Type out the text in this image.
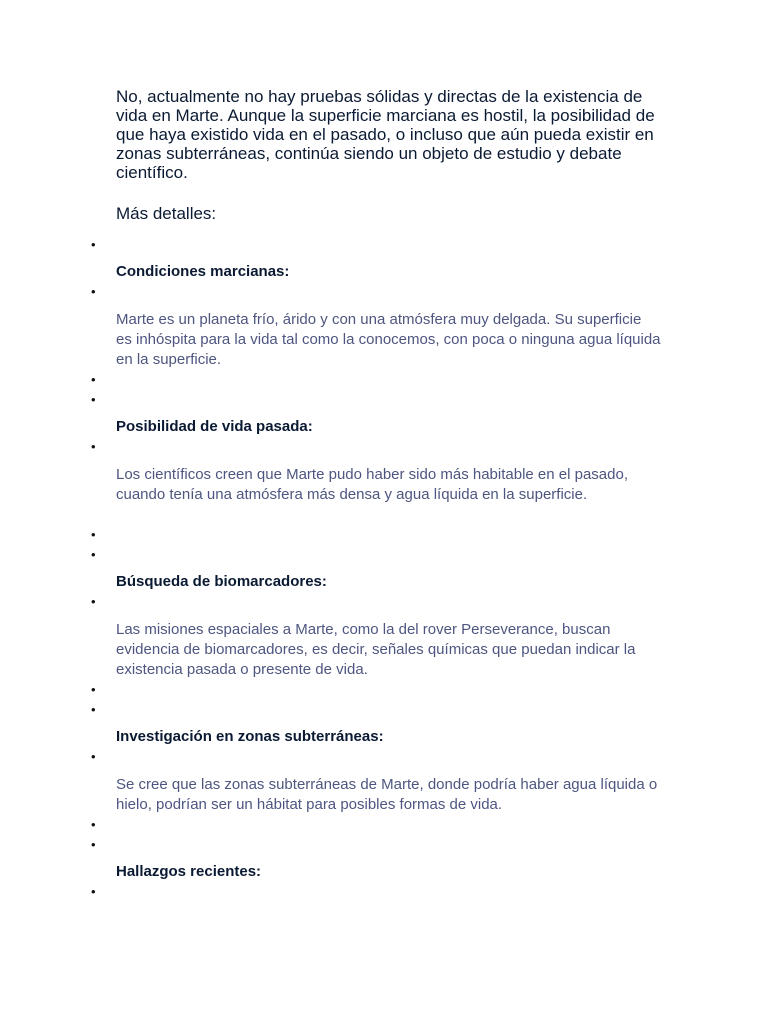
No, actualmente no hay pruebas sólidas y directas de la existencia de vida en Marte. Aunque la superficie marciana es hostil, la posibilidad de que haya existido vida en el pasado, o incluso que aún pueda existir en zonas subterráneas, continúa siendo un objeto de estudio y debate científico.

Más detalles:

•

Condiciones marcianas:

•

Marte es un planeta frío, árido y con una atmósfera muy delgada. Su superficie es inhóspita para la vida tal como la conocemos, con poca o ninguna agua líquida en la superficie.

•
•

Posibilidad de vida pasada:

•

Los científicos creen que Marte pudo haber sido más habitable en el pasado, cuando tenía una atmósfera más densa y agua líquida en la superficie.

•
•

Búsqueda de biomarcadores:

•

Las misiones espaciales a Marte, como la del rover Perseverance, buscan evidencia de biomarcadores, es decir, señales químicas que puedan indicar la existencia pasada o presente de vida.

•
•

Investigación en zonas subterráneas:

•

Se cree que las zonas subterráneas de Marte, donde podría haber agua líquida o hielo, podrían ser un hábitat para posibles formas de vida.

•
•

Hallazgos recientes:

•
